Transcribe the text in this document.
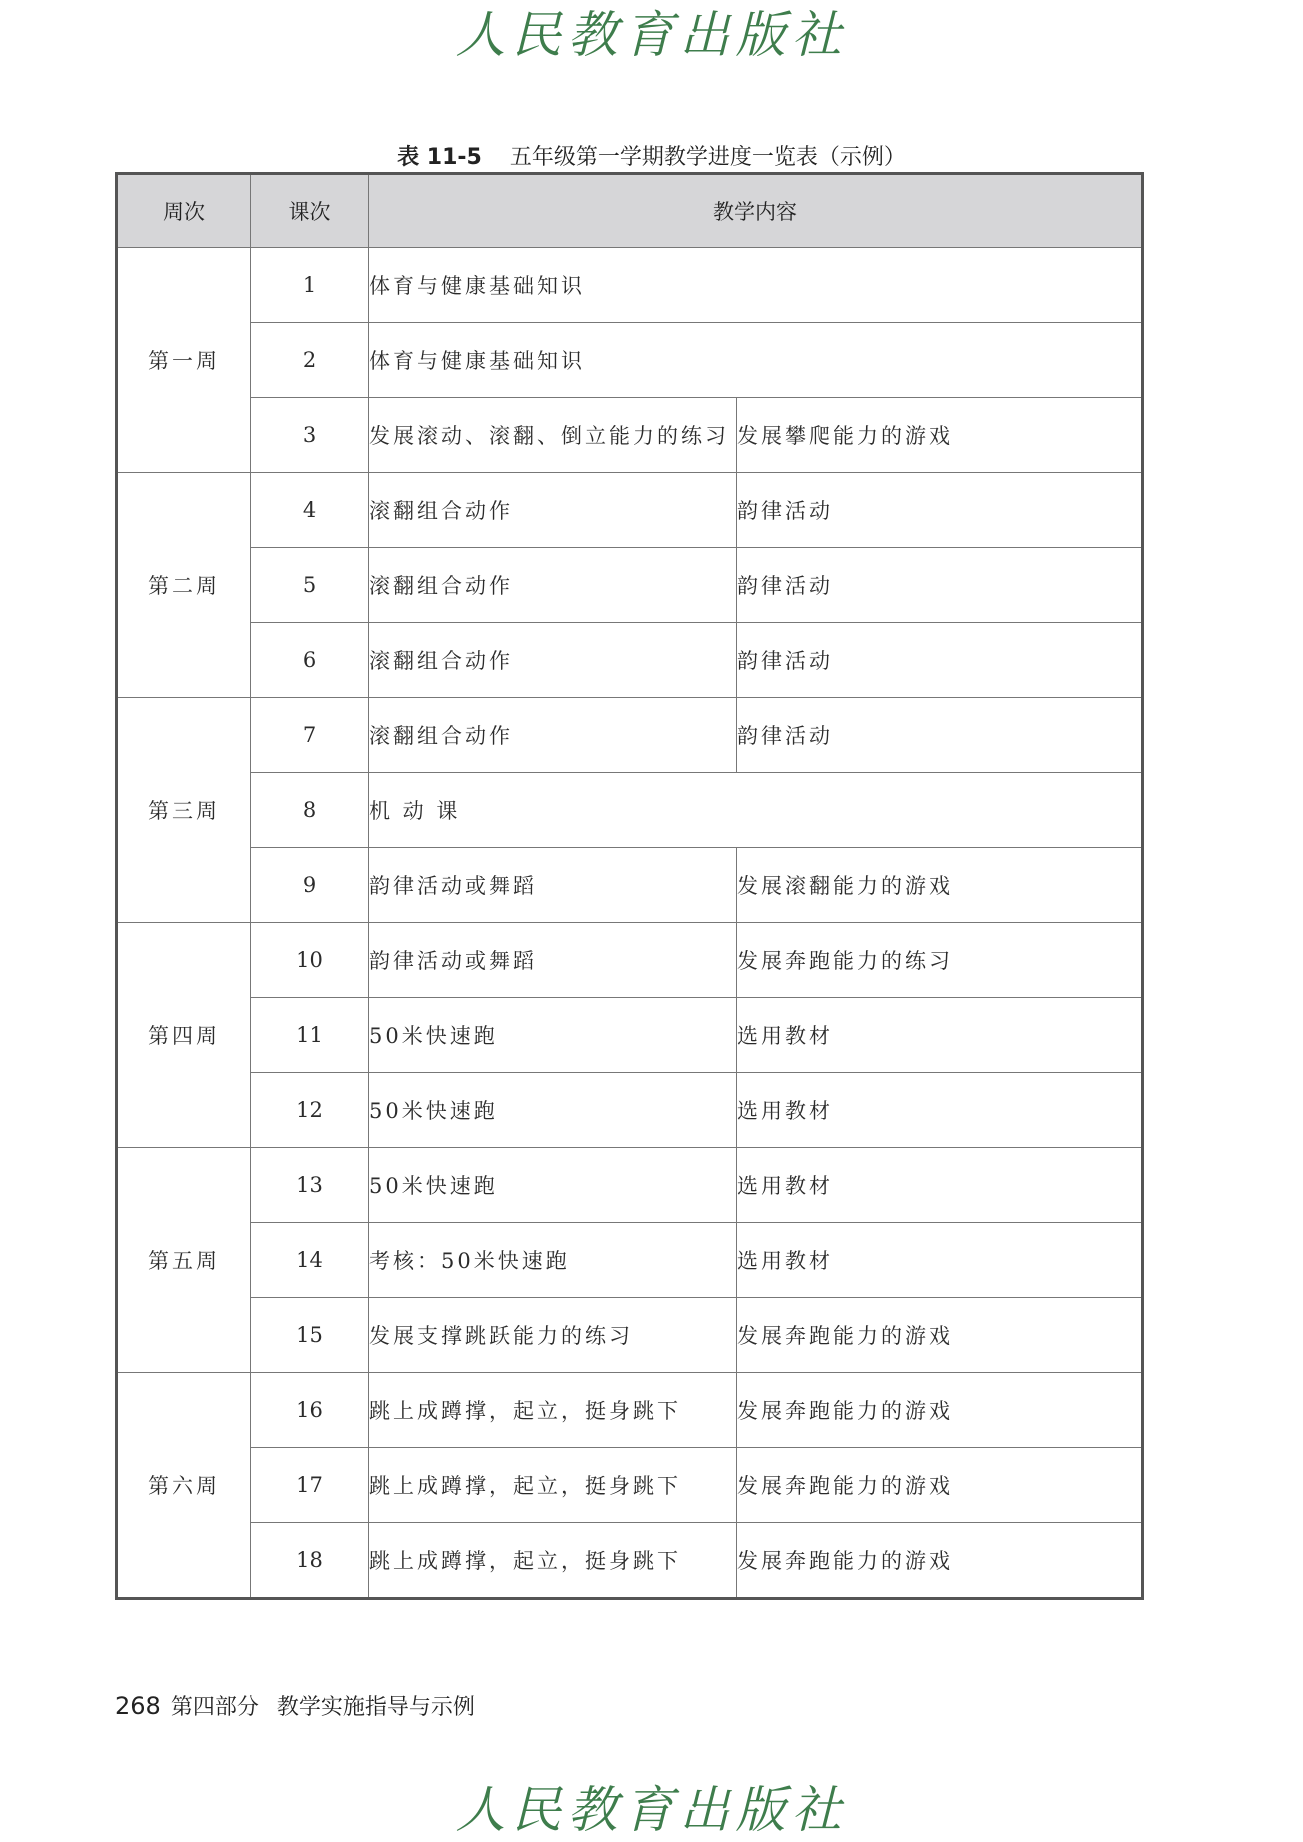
人民教育出版社
表 11-5 五年级第一学期教学进度一览表（示例）
周次	课次	教学内容	
第一周	1	体育与健康基础知识	
	2	体育与健康基础知识	
	3	发展滚动、滚翻、倒立能力的练习	发展攀爬能力的游戏
第二周	4	滚翻组合动作	韵律活动
	5	滚翻组合动作	韵律活动
	6	滚翻组合动作	韵律活动
第三周	7	滚翻组合动作	韵律活动
	8	机 动 课	
	9	韵律活动或舞蹈	发展滚翻能力的游戏
第四周	10	韵律活动或舞蹈	发展奔跑能力的练习
	11	50米快速跑	选用教材
	12	50米快速跑	选用教材
第五周	13	50米快速跑	选用教材
	14	考核：50米快速跑	选用教材
	15	发展支撑跳跃能力的练习	发展奔跑能力的游戏
第六周	16	跳上成蹲撑，起立，挺身跳下	发展奔跑能力的游戏
	17	跳上成蹲撑，起立，挺身跳下	发展奔跑能力的游戏
	18	跳上成蹲撑，起立，挺身跳下	发展奔跑能力的游戏
268 第四部分 教学实施指导与示例
人民教育出版社
